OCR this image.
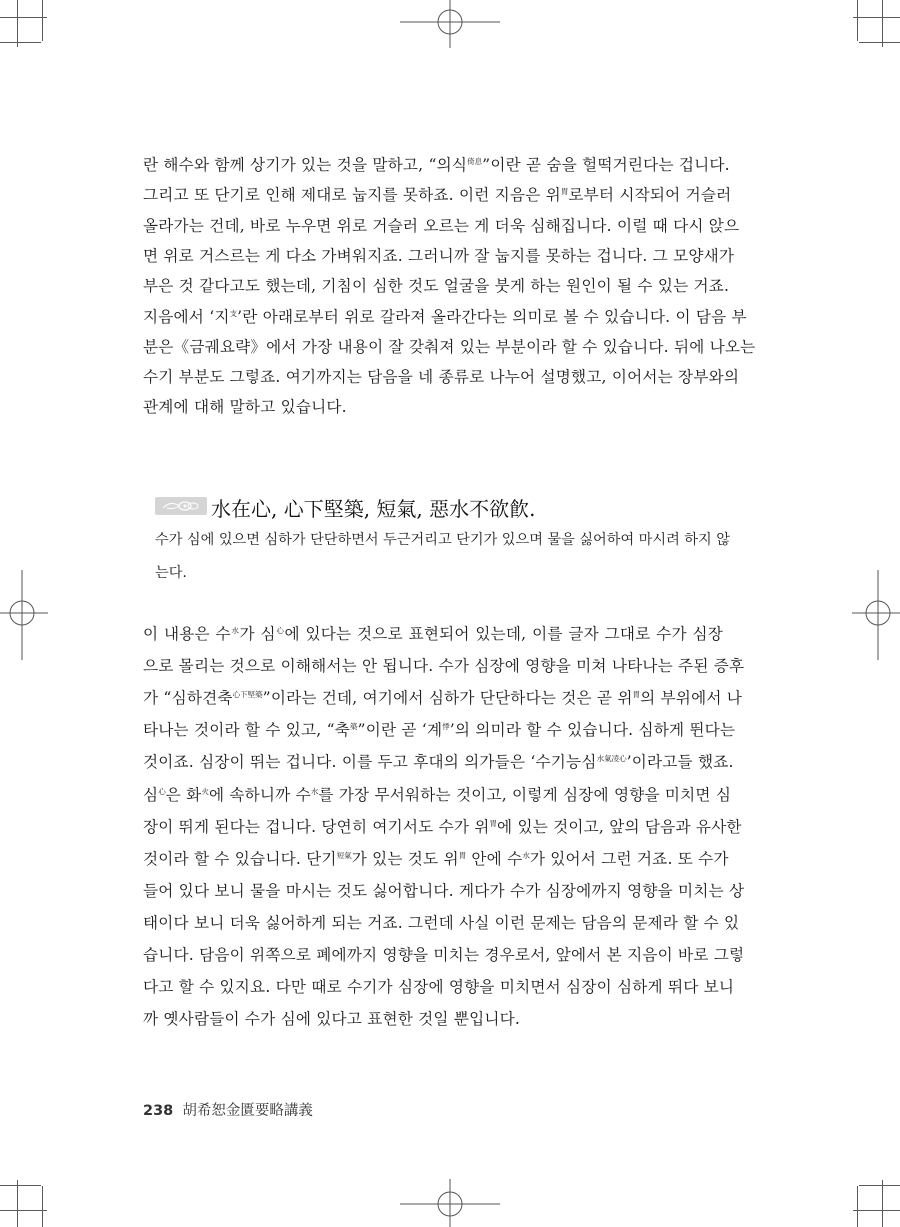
란 해수와 함께 상기가 있는 것을 말하고, “의식$^{倚息}$”이란 곧 숨을 헐떡거린다는 겁니다.
그리고 또 단기로 인해 제대로 눕지를 못하죠. 이런 지음은 위$^胃$로부터 시작되어 거슬러
올라가는 건데, 바로 누우면 위로 거슬러 오르는 게 더욱 심해집니다. 이럴 때 다시 앉으
면 위로 거스르는 게 다소 가벼워지죠. 그러니까 잘 눕지를 못하는 겁니다. 그 모양새가
부은 것 같다고도 했는데, 기침이 심한 것도 얼굴을 붓게 하는 원인이 될 수 있는 거죠.
지음에서 ‘지$^支$’란 아래로부터 위로 갈라져 올라간다는 의미로 볼 수 있습니다. 이 담음 부
분은《금궤요략》에서 가장 내용이 잘 갖춰져 있는 부분이라 할 수 있습니다. 뒤에 나오는
수기 부분도 그렇죠. 여기까지는 담음을 네 종류로 나누어 설명했고, 이어서는 장부와의
관계에 대해 말하고 있습니다.
水在心, 心下堅築, 短氣, 惡水不欲飮.
수가 심에 있으면 심하가 단단하면서 두근거리고 단기가 있으며 물을 싫어하여 마시려 하지 않
는다.
이 내용은 수$^水$가 심$^心$에 있다는 것으로 표현되어 있는데, 이를 글자 그대로 수가 심장
으로 몰리는 것으로 이해해서는 안 됩니다. 수가 심장에 영향을 미쳐 나타나는 주된 증후
가 “심하견축$^{心下堅築}$”이라는 건데, 여기에서 심하가 단단하다는 것은 곧 위$^胃$의 부위에서 나
타나는 것이라 할 수 있고, “축$^築$”이란 곧 ‘계$^悸$’의 의미라 할 수 있습니다. 심하게 뛴다는
것이죠. 심장이 뛰는 겁니다. 이를 두고 후대의 의가들은 ‘수기능심$^{水氣凌心}$’이라고들 했죠.
심$^心$은 화$^火$에 속하니까 수$^水$를 가장 무서워하는 것이고, 이렇게 심장에 영향을 미치면 심
장이 뛰게 된다는 겁니다. 당연히 여기서도 수가 위$^胃$에 있는 것이고, 앞의 담음과 유사한
것이라 할 수 있습니다. 단기$^{短氣}$가 있는 것도 위$^胃$ 안에 수$^水$가 있어서 그런 거죠. 또 수가
들어 있다 보니 물을 마시는 것도 싫어합니다. 게다가 수가 심장에까지 영향을 미치는 상
태이다 보니 더욱 싫어하게 되는 거죠. 그런데 사실 이런 문제는 담음의 문제라 할 수 있
습니다. 담음이 위쪽으로 폐에까지 영향을 미치는 경우로서, 앞에서 본 지음이 바로 그렇
다고 할 수 있지요. 다만 때로 수기가 심장에 영향을 미치면서 심장이 심하게 뛰다 보니
까 옛사람들이 수가 심에 있다고 표현한 것일 뿐입니다.
238 胡希恕金匱要略講義
